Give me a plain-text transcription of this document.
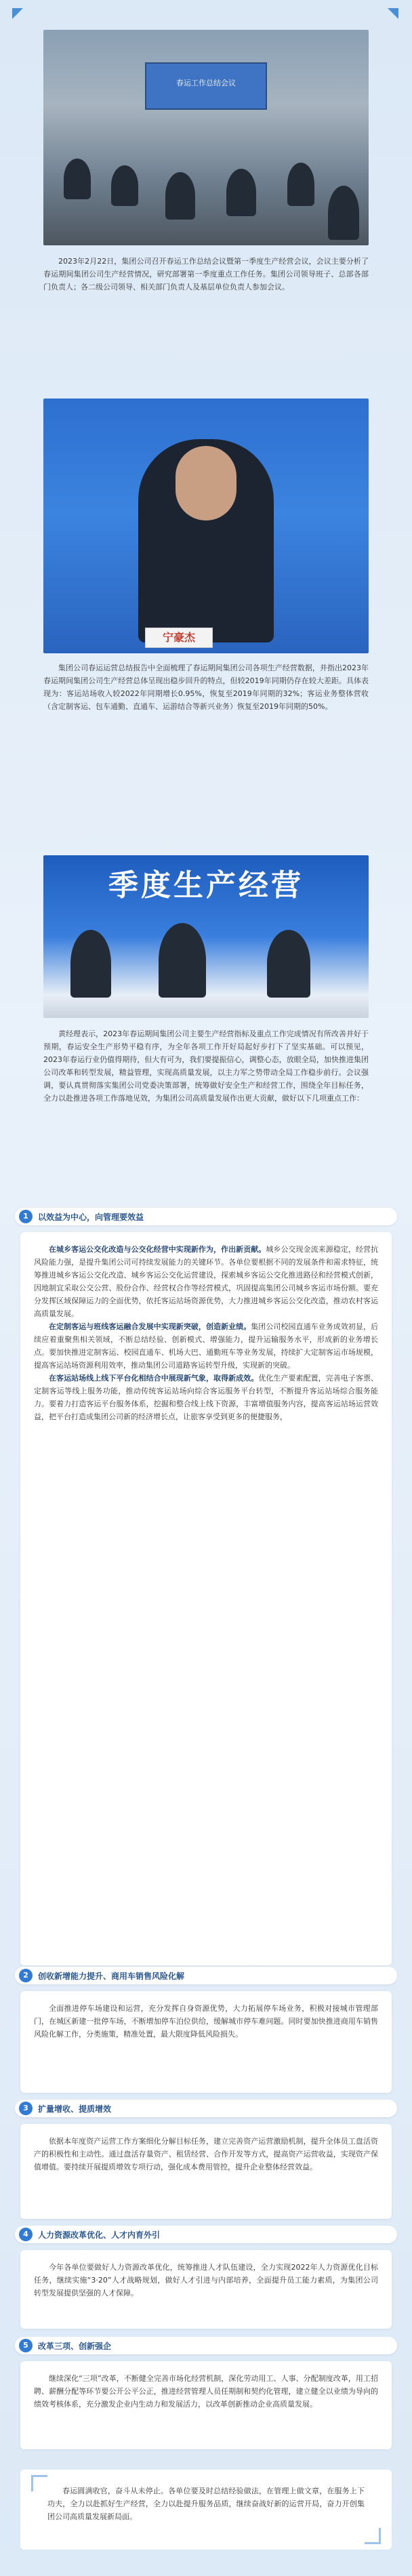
春运工作总结会议

2023年2月22日，集团公司召开春运工作总结会议暨第一季度生产经营会议，会议主要分析了春运期间集团公司生产经营情况，研究部署第一季度重点工作任务。集团公司领导班子、总部各部门负责人；各二级公司领导、相关部门负责人及基层单位负责人参加会议。

宁豪杰

集团公司春运运营总结报告中全面梳理了春运期间集团公司各项生产经营数据，并指出2023年春运期间集团公司生产经营总体呈现出稳步回升的特点，但较2019年同期仍存在较大差距。具体表现为：客运站场收入较2022年同期增长0.95%，恢复至2019年同期的32%；客运业务整体营收（含定制客运、包车通勤、直通车、运游结合等新兴业务）恢复至2019年同期的50%。

季度生产经营

黄经理表示，2023年春运期间集团公司主要生产经营指标及重点工作完成情况有所改善并好于预期，春运安全生产形势平稳有序，为全年各项工作开好局起好步打下了坚实基础。可以预见，2023年春运行业仍值得期待，但大有可为，我们要提振信心，调整心态，放眼全局，加快推进集团公司改革和转型发展，精益管理，实现高质量发展，以主力军之势带动全局工作稳步前行。会议强调，要认真贯彻落实集团公司党委决策部署，统筹做好安全生产和经营工作，围绕全年目标任务，全力以赴推进各项工作落地见效，为集团公司高质量发展作出更大贡献，做好以下几项重点工作：

1	以效益为中心，向管理要效益

在城乡客运公交化改造与公交化经营中实现新作为，作出新贡献。城乡公交现金流来源稳定，经营抗风险能力强，是提升集团公司可持续发展能力的关键环节。各单位要根据不同的发展条件和需求特征，统筹推进城乡客运公交化改造、城乡客运公交化运营建设，探索城乡客运公交化推进路径和经营模式创新，因地制宜采取公交公营、股份合作、经营权合作等经营模式，巩固提高集团公司城乡客运市场份额。要充分发挥区域保障运力的全面优势，依托客运站场资源优势，大力推进城乡客运公交化改造，推动农村客运高质量发展。

在定制客运与班线客运融合发展中实现新突破，创造新业绩。集团公司校园直通车业务成效初显，后续应着重聚焦相关领域，不断总结经验、创新模式、增强能力，提升运输服务水平，形成新的业务增长点。要加快推进定制客运、校园直通车、机场大巴、通勤班车等业务发展，持续扩大定制客运市场规模，提高客运站场资源利用效率，推动集团公司道路客运转型升级，实现新的突破。

在客运站场线上线下平台化相结合中展现新气象，取得新成效。优化生产要素配置，完善电子客票、定制客运等线上服务功能，推动传统客运站场向综合客运服务平台转型，不断提升客运站场综合服务能力。要着力打造客运平台服务体系，挖掘和整合线上线下资源，丰富增值服务内容，提高客运站场运营效益，把平台打造成集团公司新的经济增长点，让旅客享受到更多的便捷服务，

2	创收新增能力提升、商用车销售风险化解

全面推进停车场建设和运营，充分发挥自身资源优势，大力拓展停车场业务，积极对接城市管理部门，在城区新建一批停车场，不断增加停车泊位供给，缓解城市停车难问题。同时要加快推进商用车销售风险化解工作，分类施策，精准处置，最大限度降低风险损失。

3	扩量增收、提质增效

依据本年度资产运营工作方案细化分解目标任务，建立完善资产运营激励机制，提升全体员工盘活资产的积极性和主动性。通过盘活存量资产、租赁经营、合作开发等方式，提高资产运营收益，实现资产保值增值。要持续开展提质增效专项行动，强化成本费用管控，提升企业整体经营效益。

4	人力资源改革优化、人才内育外引

今年各单位要做好人力资源改革优化，统筹推进人才队伍建设，全力实现2022年人力资源优化目标任务，继续实施“3·20”人才战略规划，做好人才引进与内部培养，全面提升员工能力素质，为集团公司转型发展提供坚强的人才保障。

5	改革三项、创新强企

继续深化“三项”改革，不断健全完善市场化经营机制，深化劳动用工、人事、分配制度改革，用工招聘、薪酬分配等环节要公开公平公正，推进经营管理人员任期制和契约化管理，建立健全以业绩为导向的绩效考核体系，充分激发企业内生动力和发展活力，以改革创新推动企业高质量发展。

春运圆满收官，奋斗从未停止。各单位要及时总结经验做法，在管理上做文章，在服务上下功夫，全力以赴抓好生产经营，全力以赴提升服务品质，继续奋战好新的运营开局，奋力开创集团公司高质量发展新局面。
